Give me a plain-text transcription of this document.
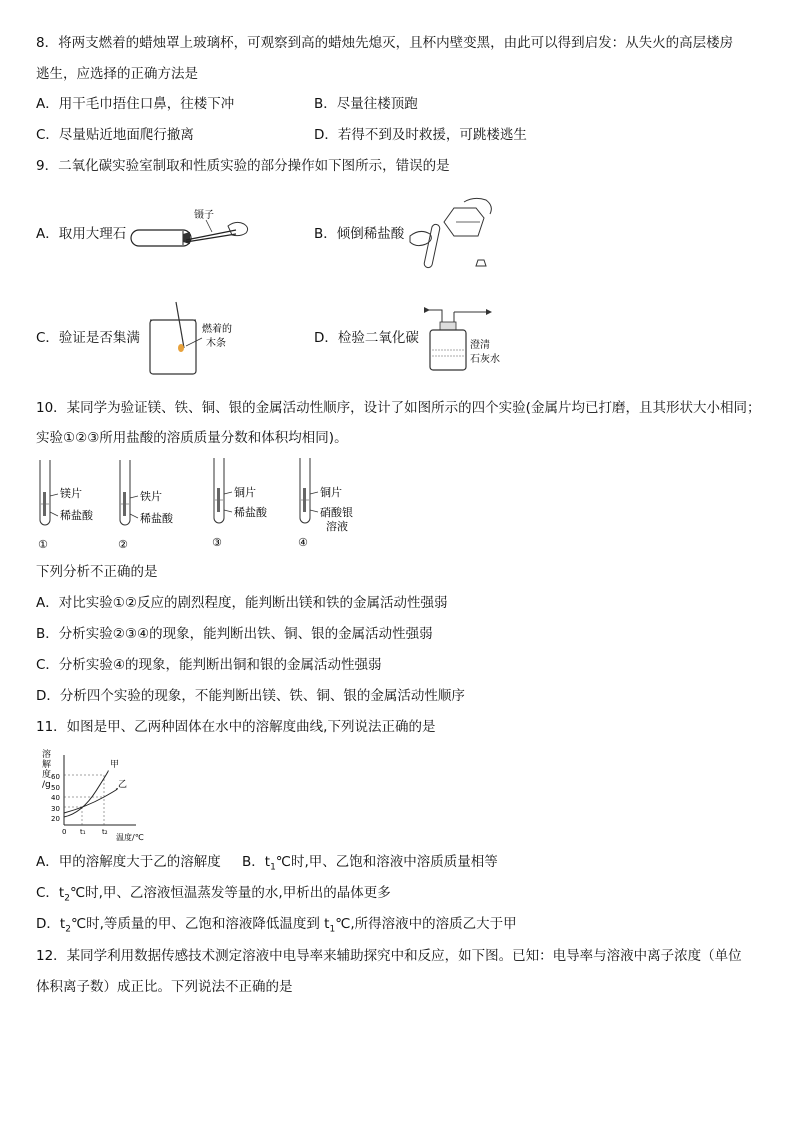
8．将两支燃着的蜡烛罩上玻璃杯，可观察到高的蜡烛先熄灭，且杯内壁变黑，由此可以得到启发：从失火的高层楼房
逃生，应选择的正确方法是
A．用干毛巾捂住口鼻，往楼下冲	B．尽量往楼顶跑
C．尽量贴近地面爬行撤离	D．若得不到及时救援，可跳楼逃生
9．二氧化碳实验室制取和性质实验的部分操作如下图所示，错误的是
A．取用大理石	B．倾倒稀盐酸
C．验证是否集满	D．检验二氧化碳
镊子
燃着的
木条	澄清
石灰水
10．某同学为验证镁、铁、铜、银的金属活动性顺序，设计了如图所示的四个实验(金属片均已打磨，且其形状大小相同；
实验①②③所用盐酸的溶质质量分数和体积均相同)。
镁片
稀盐酸
①
铁片
稀盐酸
②
铜片
稀盐酸
③
铜片
硝酸银
溶液
④
下列分析不正确的是
A．对比实验①②反应的剧烈程度，能判断出镁和铁的金属活动性强弱
B．分析实验②③④的现象，能判断出铁、铜、银的金属活动性强弱
C．分析实验④的现象，能判断出铜和银的金属活动性强弱
D．分析四个实验的现象，不能判断出镁、铁、铜、银的金属活动性顺序
11．如图是甲、乙两种固体在水中的溶解度曲线,下列说法正确的是
溶
解
度
/g
60
50
40
30
20
甲
乙
0 t₁ t₂
温度/℃
A．甲的溶解度大于乙的溶解度 B．$t_1℃$时,甲、乙饱和溶液中溶质质量相等
C．$t_2℃$时,甲、乙溶液恒温蒸发等量的水,甲析出的晶体更多
D．$t_2℃$时,等质量的甲、乙饱和溶液降低温度到 $t_1℃$,所得溶液中的溶质乙大于甲
12．某同学利用数据传感技术测定溶液中电导率来辅助探究中和反应，如下图。已知：电导率与溶液中离子浓度（单位
体积离子数）成正比。下列说法不正确的是
